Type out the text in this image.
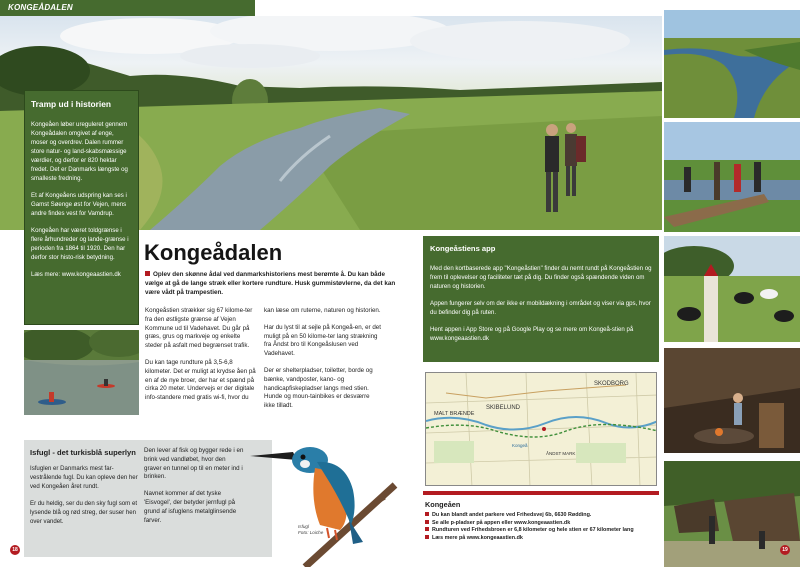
KONGEÅDALEN
Tramp ud i historien

Kongeåen løber ureguleret gennem Kongeådalen omgivet af enge, moser og overdrev. Dalen rummer store natur- og land-skabsmæssige værdier, og derfor er 820 hektar fredet. Det er Danmarks længste og smalleste fredning.

Et af Kongeåens udspring kan ses i Gamst Søenge øst for Vejen, mens andre findes vest for Vamdrup.

Kongeåen har været toldgrænse i flere århundreder og lande-grænse i perioden fra 1864 til 1920. Den har derfor stor histo-risk betydning.

Læs mere: www.kongeaastien.dk

Kongeådalen
Oplev den skønne ådal ved danmarkshistoriens mest berømte å. Du kan både vælge at gå de lange stræk eller kortere rundture. Husk gummistøvlerne, da det kan være vådt på trampestien.

Kongeåstien strækker sig 67 kilome-ter fra den østligste grænse af Vejen Kommune ud til Vadehavet. Du går på græs, grus og markveje og enkelte steder på asfalt med begrænset trafik.

Du kan tage rundture på 3,5-6,8 kilometer. Det er muligt at krydse åen på en af de nye broer, der har et spænd på cirka 20 meter. Undervejs er der digitale info-standere med gratis wi-fi, hvor du

kan læse om ruterne, naturen og historien.

Har du lyst til at sejle på Kongeå-en, er det muligt på en 50 kilome-ter lang strækning fra Åndst bro til Kongeåslusen ved Vadehavet.

Der er shelterpladser, toiletter, borde og bænke, vandposter, kano- og handicapfiskepladser langs med stien. Hunde og moun-tainbikes er desværre ikke tilladt.

Isfugl - det turkisblå superlyn

Isfuglen er Danmarks mest far-vestrålende fugl. Du kan opleve den her ved Kongeåen året rundt.

Er du heldig, ser du den sky fugl som et lysende blå og rød streg, der suser hen over vandet.

Den lever af fisk og bygger rede i en brink ved vandløbet, hvor den graver en tunnel op til en meter ind i brinken.

Navnet kommer af det tyske 'Eisvogel', der betyder jernfugl på grund af isfuglens metalglinsende farver.

Isfugl
Foto: Loiche
Kongeåstiens app

Med den kortbaserede app "Kongeåstien" finder du nemt rundt på Kongeåstien og frem til oplevelser og faciliteter tæt på dig. Du finder også spændende viden om naturen og historien.

Appen fungerer selv om der ikke er mobildækning i området og viser via gps, hvor du befinder dig på ruten.

Hent appen i App Store og på Google Play og se mere om Kongeå-stien på www.kongeaastien.dk

SKODBORG
SKIBELUND
MALT BRÆNDE
ÅNDST MARK
Kongeå
Kongeåen
Du kan blandt andet parkere ved Frihedsvej 6b, 6630 Rødding.
Se alle p-pladser på appen eller www.kongeaastien.dk
Rundturen ved Frihedsbroen er 6,8 kilometer og hele stien er 67 kilometer lang
Læs mere på www.kongeaastien.dk
18	19
